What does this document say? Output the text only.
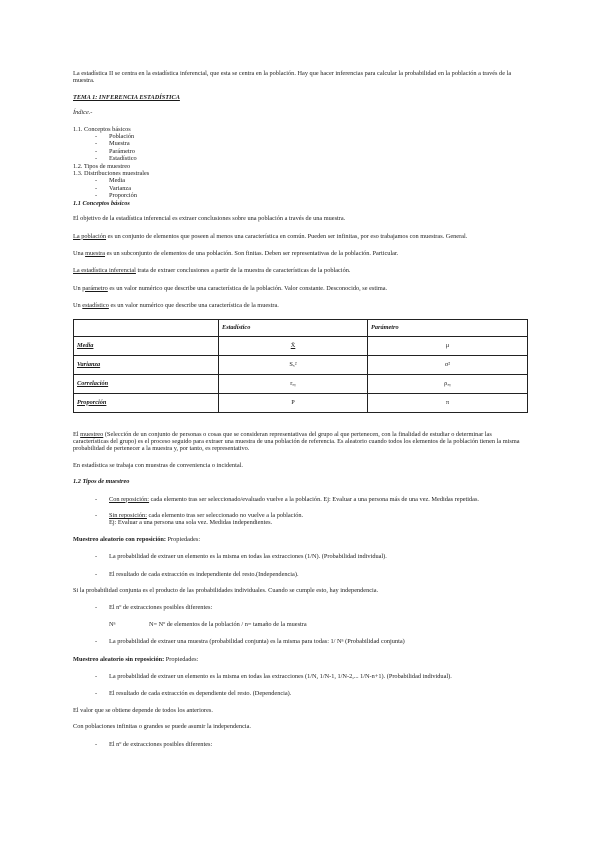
La estadística II se centra en la estadística inferencial, que esta se centra en la población. Hay que hacer inferencias para calcular la probabilidad en la población a través de la muestra.

TEMA 1: INFERENCIA ESTADÍSTICA

Índice.-

1.1. Conceptos básicos

- Población

- Muestra

- Parámetro

- Estadístico

1.2. Tipos de muestreo

1.3. Distribuciones muestrales

- Media

- Varianza

- Proporción

1.1 Conceptos básicos

El objetivo de la estadística inferencial es extraer conclusiones sobre una población a través de una muestra.

La población es un conjunto de elementos que poseen al menos una característica en común. Pueden ser infinitas, por eso trabajamos con muestras. General.

Una muestra es un subconjunto de elementos de una población. Son finitas. Deben ser representativas de la población. Particular.

La estadística inferencial trata de extraer conclusiones a partir de la muestra de características de la población.

Un parámetro es un valor numérico que describe una característica de la población. Valor constante. Desconocido, se estima.

Un estadístico es un valor numérico que describe una característica de la muestra.

	Estadístico	Parámetro
Media	X̄	μ
Varianza	Sₓ²	σ²
Correlación	rₓᵧ	ρₓᵧ
Proporción	P	π

El muestreo (Selección de un conjunto de personas o cosas que se consideran representativas del grupo al que pertenecen, con la finalidad de estudiar o determinar las características del grupo) es el proceso seguido para extraer una muestra de una población de referencia. Es aleatorio cuando todos los elementos de la población tienen la misma probabilidad de pertenecer a la muestra y, por tanto, es representativo.

En estadística se trabaja con muestras de conveniencia o incidental.

1.2 Tipos de muestreo

- Con reposición: cada elemento tras ser seleccionado/evaluado vuelve a la población. Ej: Evaluar a una persona más de una vez. Medidas repetidas.

- Sin reposición: cada elemento tras ser seleccionado no vuelve a la población.

Ej: Evaluar a una persona una sola vez. Medidas independientes.

Muestreo aleatorio con reposición: Propiedades:

- La probabilidad de extraer un elemento es la misma en todas las extracciones (1/N). (Probabilidad individual).

- El resultado de cada extracción es independiente del resto.(Independencia).

Si la probabilidad conjunta es el producto de las probabilidades individuales. Cuando se cumple esto, hay independencia.

- El nº de extracciones posibles diferentes:

Nⁿ	N= Nº de elementos de la población / n= tamaño de la muestra

- La probabilidad de extraer una muestra (probabilidad conjunta) es la misma para todas: 1/ Nⁿ (Probabilidad conjunta)

Muestreo aleatorio sin reposición: Propiedades:

- La probabilidad de extraer un elemento es la misma en todas las extracciones (1/N, 1/N-1, 1/N-2,... 1/N-n+1). (Probabilidad individual).

- El resultado de cada extracción es dependiente del resto. (Dependencia).

El valor que se obtiene depende de todos los anteriores.

Con poblaciones infinitas o grandes se puede asumir la independencia.

- El nº de extracciones posibles diferentes:
